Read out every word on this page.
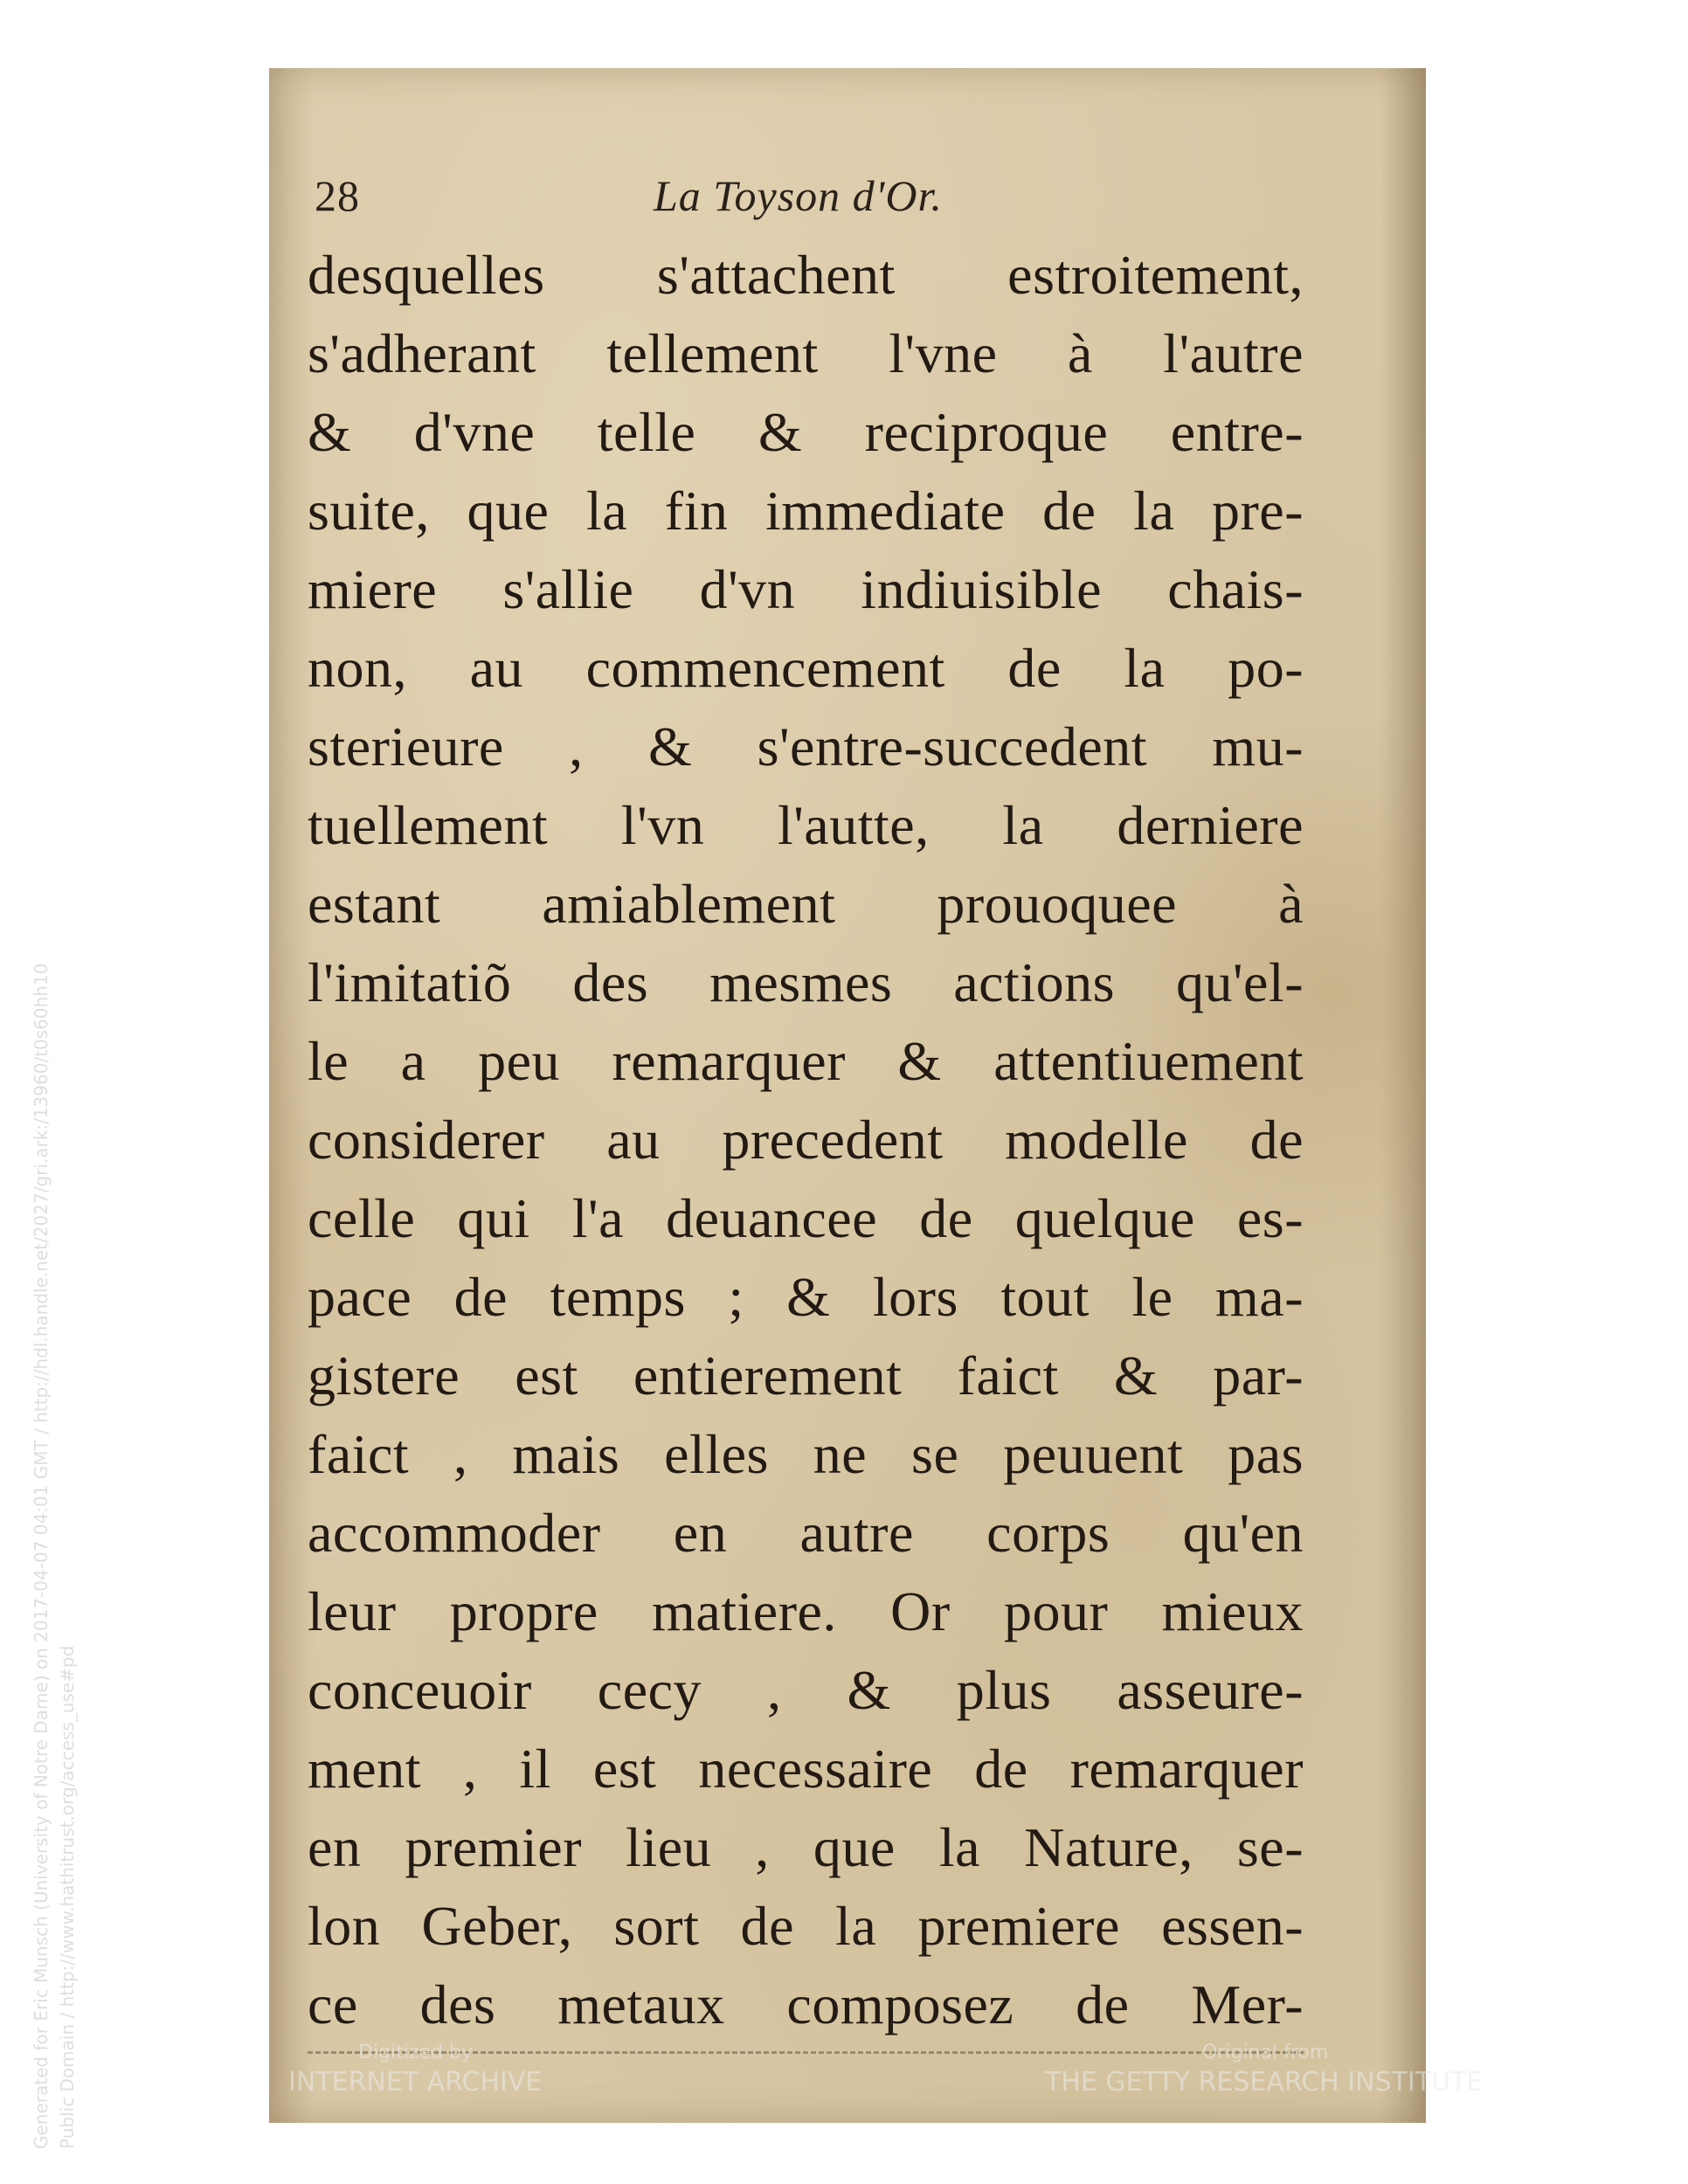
Generated for Eric Munsch (University of Notre Dame) on 2017-04-07 04:01 GMT / http://hdl.handle.net/2027/gri.ark:/13960/t0s60hh10 Public Domain / http://www.hathitrust.org/access_use#pd
28	La Toyson d'Or.
desquelles s'attachent estroitement,
s'adherant tellement l'vne à l'autre
& d'vne telle & reciproque entre-
suite, que la fin immediate de la pre-
miere s'allie d'vn indiuisible chais-
non, au commencement de la po-
sterieure , & s'entre-succedent mu-
tuellement l'vn l'autte, la derniere
estant amiablement prouoquee à
l'imitatiõ des mesmes actions qu'el-
le a peu remarquer & attentiuement
considerer au precedent modelle de
celle qui l'a deuancee de quelque es-
pace de temps ; & lors tout le ma-
gistere est entierement faict & par-
faict , mais elles ne se peuuent pas
accommoder en autre corps qu'en
leur propre matiere. Or pour mieux
conceuoir cecy , & plus asseure-
ment , il est necessaire de remarquer
en premier lieu , que la Nature, se-
lon Geber, sort de la premiere essen-
ce des metaux composez de Mer-
Digitized by
INTERNET ARCHIVE
Original from
THE GETTY RESEARCH INSTITUTE
